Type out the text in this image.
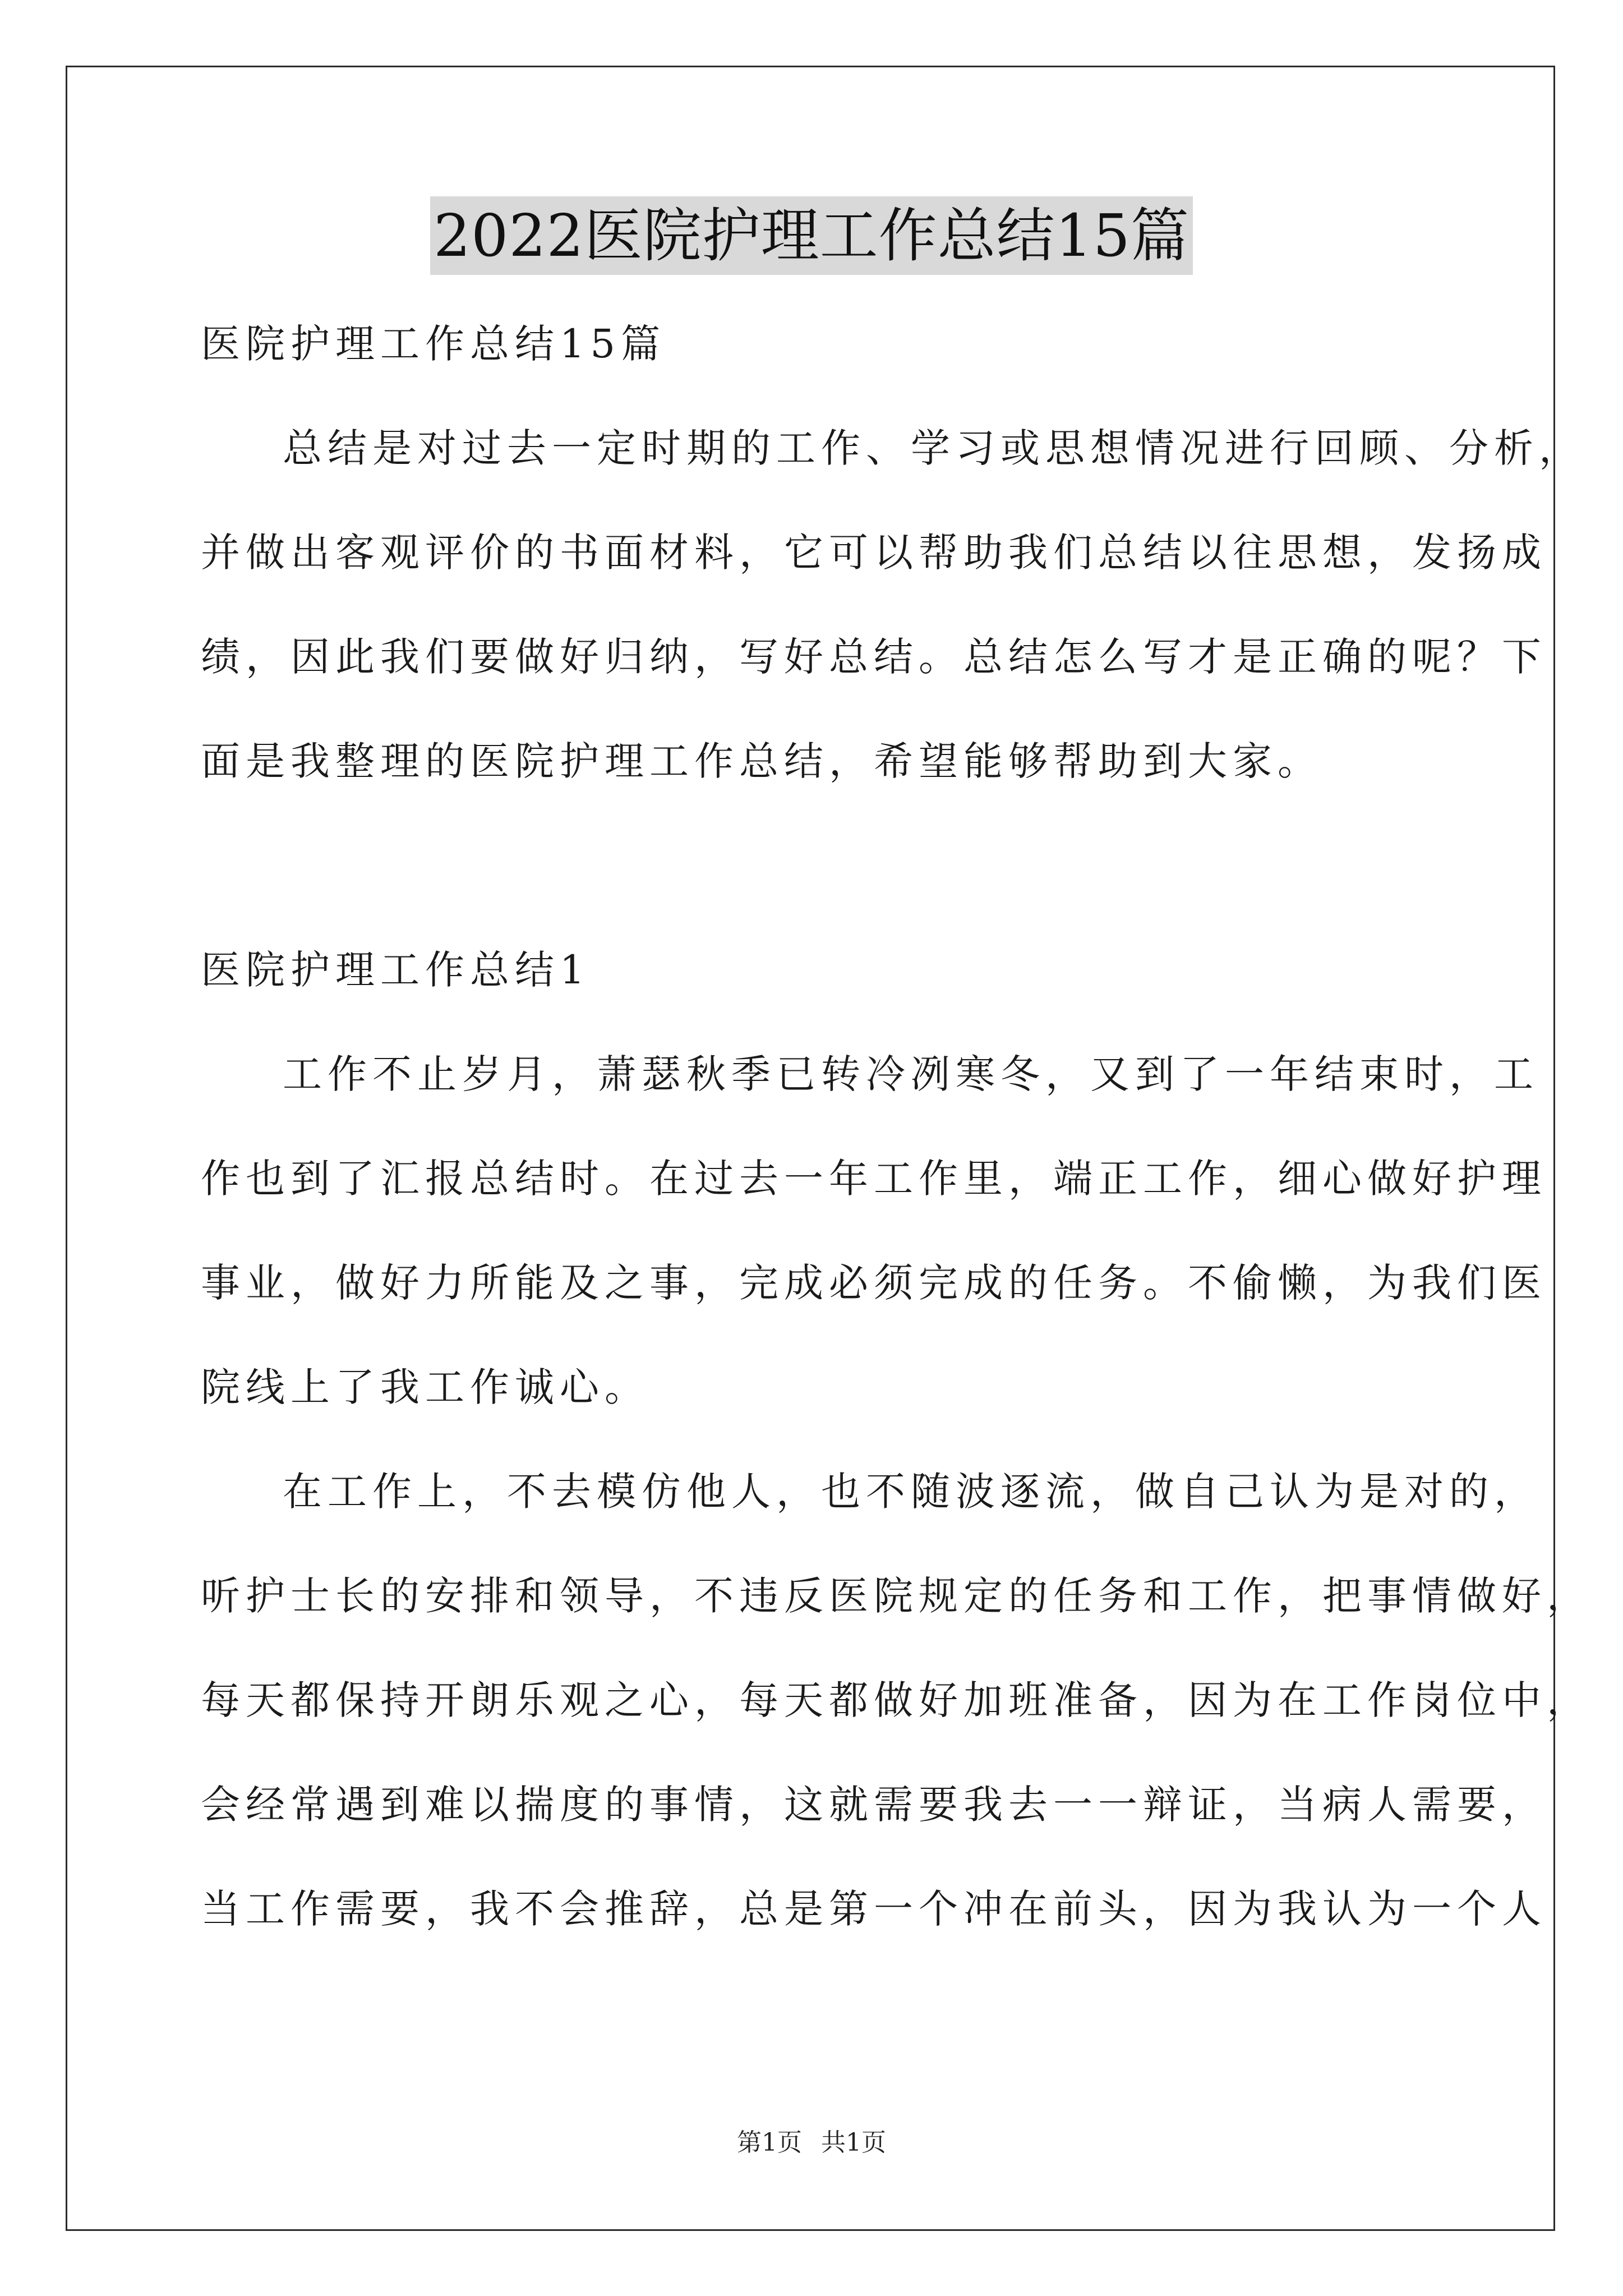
2022医院护理工作总结15篇
医院护理工作总结15篇
总结是对过去一定时期的工作、学习或思想情况进行回顾、分析，
并做出客观评价的书面材料，它可以帮助我们总结以往思想，发扬成
绩，因此我们要做好归纳，写好总结。总结怎么写才是正确的呢？下
面是我整理的医院护理工作总结，希望能够帮助到大家。
医院护理工作总结1
工作不止岁月，萧瑟秋季已转冷冽寒冬，又到了一年结束时，工
作也到了汇报总结时。在过去一年工作里，端正工作，细心做好护理
事业，做好力所能及之事，完成必须完成的任务。不偷懒，为我们医
院线上了我工作诚心。
在工作上，不去模仿他人，也不随波逐流，做自己认为是对的，
听护士长的安排和领导，不违反医院规定的任务和工作，把事情做好，
每天都保持开朗乐观之心，每天都做好加班准备，因为在工作岗位中，
会经常遇到难以揣度的事情，这就需要我去一一辩证，当病人需要，
当工作需要，我不会推辞，总是第一个冲在前头，因为我认为一个人
第1页 共1页
